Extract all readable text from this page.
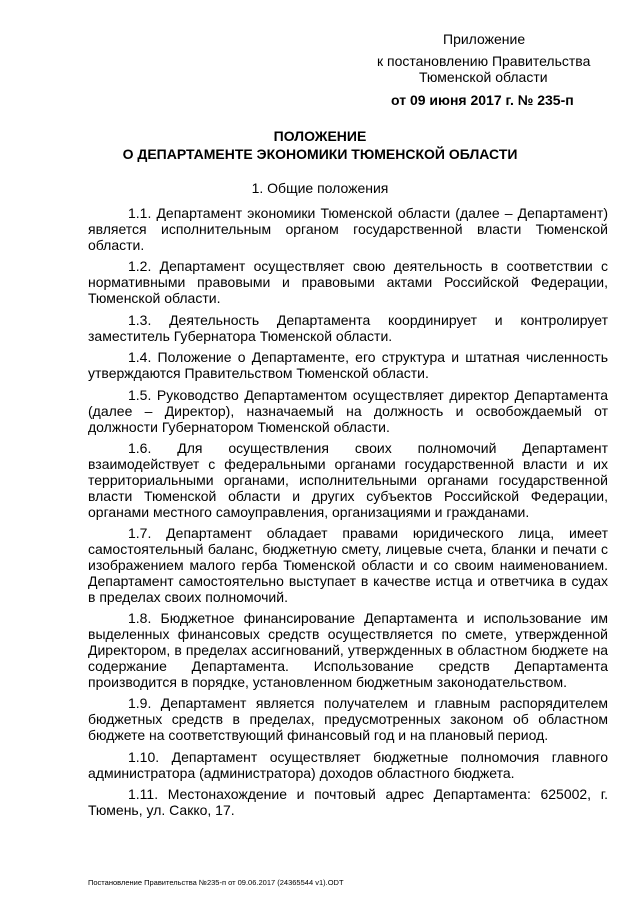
Приложение
к постановлению Правительства
Тюменской области
от 09 июня 2017 г. № 235-п
ПОЛОЖЕНИЕ
О ДЕПАРТАМЕНТЕ ЭКОНОМИКИ ТЮМЕНСКОЙ ОБЛАСТИ
1. Общие положения

1.1. Департамент экономики Тюменской области (далее – Департамент) является исполнительным органом государственной власти Тюменской области.

1.2. Департамент осуществляет свою деятельность в соответствии с нормативными правовыми и правовыми актами Российской Федерации, Тюменской области.

1.3. Деятельность Департамента координирует и контролирует заместитель Губернатора Тюменской области.

1.4. Положение о Департаменте, его структура и штатная численность утверждаются Правительством Тюменской области.

1.5. Руководство Департаментом осуществляет директор Департамента (далее – Директор), назначаемый на должность и освобождаемый от должности Губернатором Тюменской области.

1.6. Для осуществления своих полномочий Департамент взаимодействует с федеральными органами государственной власти и их территориальными органами, исполнительными органами государственной власти Тюменской области и других субъектов Российской Федерации, органами местного самоуправления, организациями и гражданами.

1.7. Департамент обладает правами юридического лица, имеет самостоятельный баланс, бюджетную смету, лицевые счета, бланки и печати с изображением малого герба Тюменской области и со своим наименованием. Департамент самостоятельно выступает в качестве истца и ответчика в судах в пределах своих полномочий.

1.8. Бюджетное финансирование Департамента и использование им выделенных финансовых средств осуществляется по смете, утвержденной Директором, в пределах ассигнований, утвержденных в областном бюджете на содержание Департамента. Использование средств Департамента производится в порядке, установленном бюджетным законодательством.

1.9. Департамент является получателем и главным распорядителем бюджетных средств в пределах, предусмотренных законом об областном бюджете на соответствующий финансовый год и на плановый период.

1.10. Департамент осуществляет бюджетные полномочия главного администратора (администратора) доходов областного бюджета.

1.11. Местонахождение и почтовый адрес Департамента: 625002, г. Тюмень, ул. Сакко, 17.

Постановление Правительства №235-п от 09.06.2017 (24365544 v1).ODT
